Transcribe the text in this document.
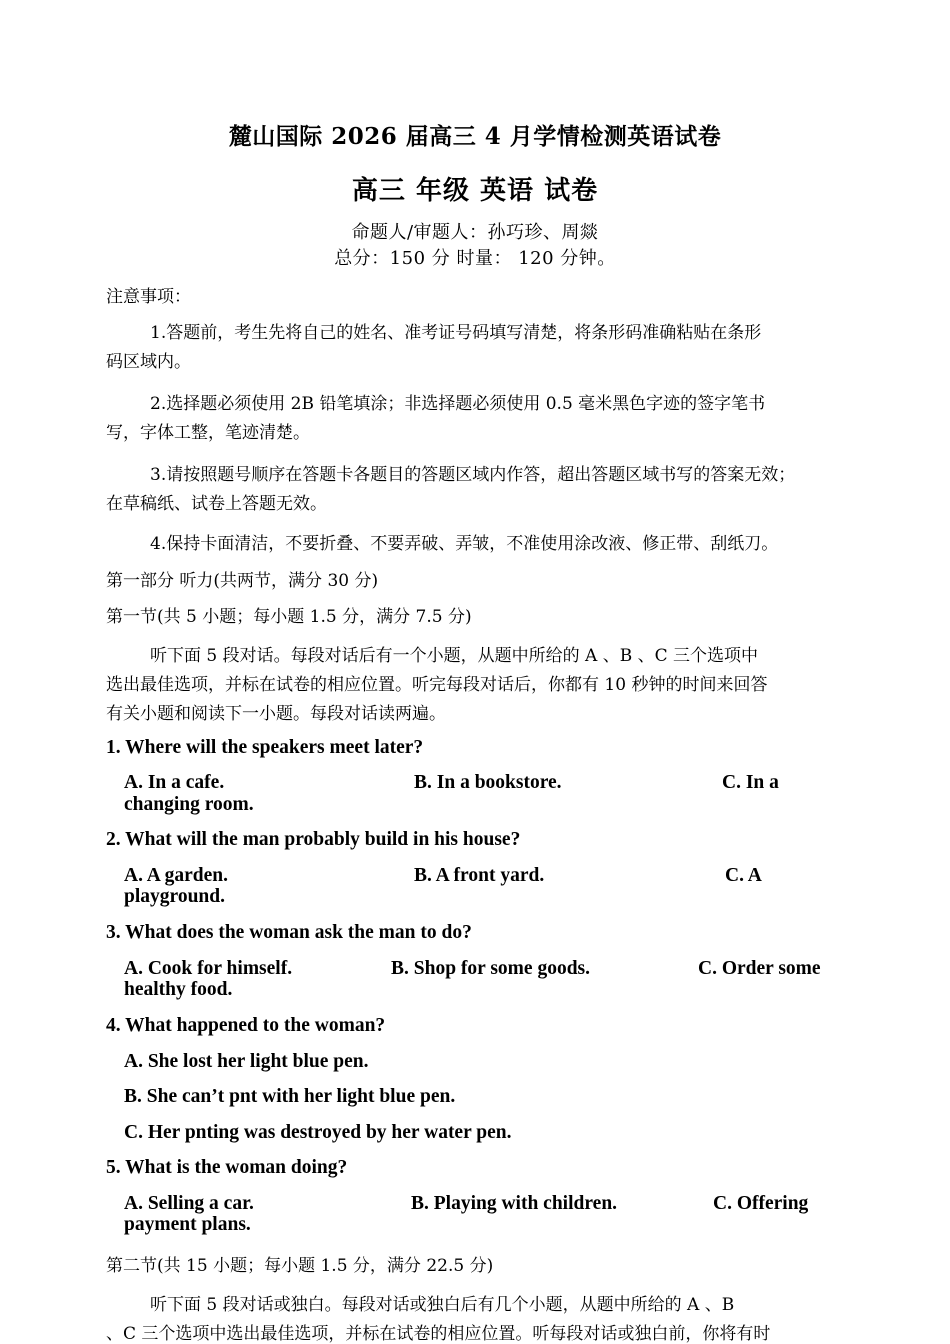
麓山国际 2026 届高三 4 月学情检测英语试卷
高三 年级 英语 试卷
命题人/审题人：孙巧珍、周燚
总分：150 分 时量： 120 分钟。
注意事项：
1.答题前，考生先将自己的姓名、准考证号码填写清楚，将条形码准确粘贴在条形
码区域内。
2.选择题必须使用 2B 铅笔填涂；非选择题必须使用 0.5 毫米黑色字迹的签字笔书
写，字体工整，笔迹清楚。
3.请按照题号顺序在答题卡各题目的答题区域内作答，超出答题区域书写的答案无效；
在草稿纸、试卷上答题无效。
4.保持卡面清洁，不要折叠、不要弄破、弄皱，不准使用涂改液、修正带、刮纸刀。
第一部分 听力(共两节，满分 30 分)
第一节(共 5 小题；每小题 1.5 分，满分 7.5 分)
听下面 5 段对话。每段对话后有一个小题，从题中所给的 A 、B 、C 三个选项中
选出最佳选项，并标在试卷的相应位置。听完每段对话后，你都有 10 秒钟的时间来回答
有关小题和阅读下一小题。每段对话读两遍。
1. Where will the speakers meet later?
A. In a cafe.	B. In a bookstore.	C. In a
changing room.
2. What will the man probably build in his house?
A. A garden.	B. A front yard.	C. A
playground.
3. What does the woman ask the man to do?
A. Cook for himself.	B. Shop for some goods.	C. Order some
healthy food.
4. What happened to the woman?
A. She lost her light blue pen.
B. She can’t pnt with her light blue pen.
C. Her pnting was destroyed by her water pen.
5. What is the woman doing?
A. Selling a car.	B. Playing with children.	C. Offering
payment plans.
第二节(共 15 小题；每小题 1.5 分，满分 22.5 分)
听下面 5 段对话或独白。每段对话或独白后有几个小题，从题中所给的 A 、B
、C 三个选项中选出最佳选项，并标在试卷的相应位置。听每段对话或独白前，你将有时
